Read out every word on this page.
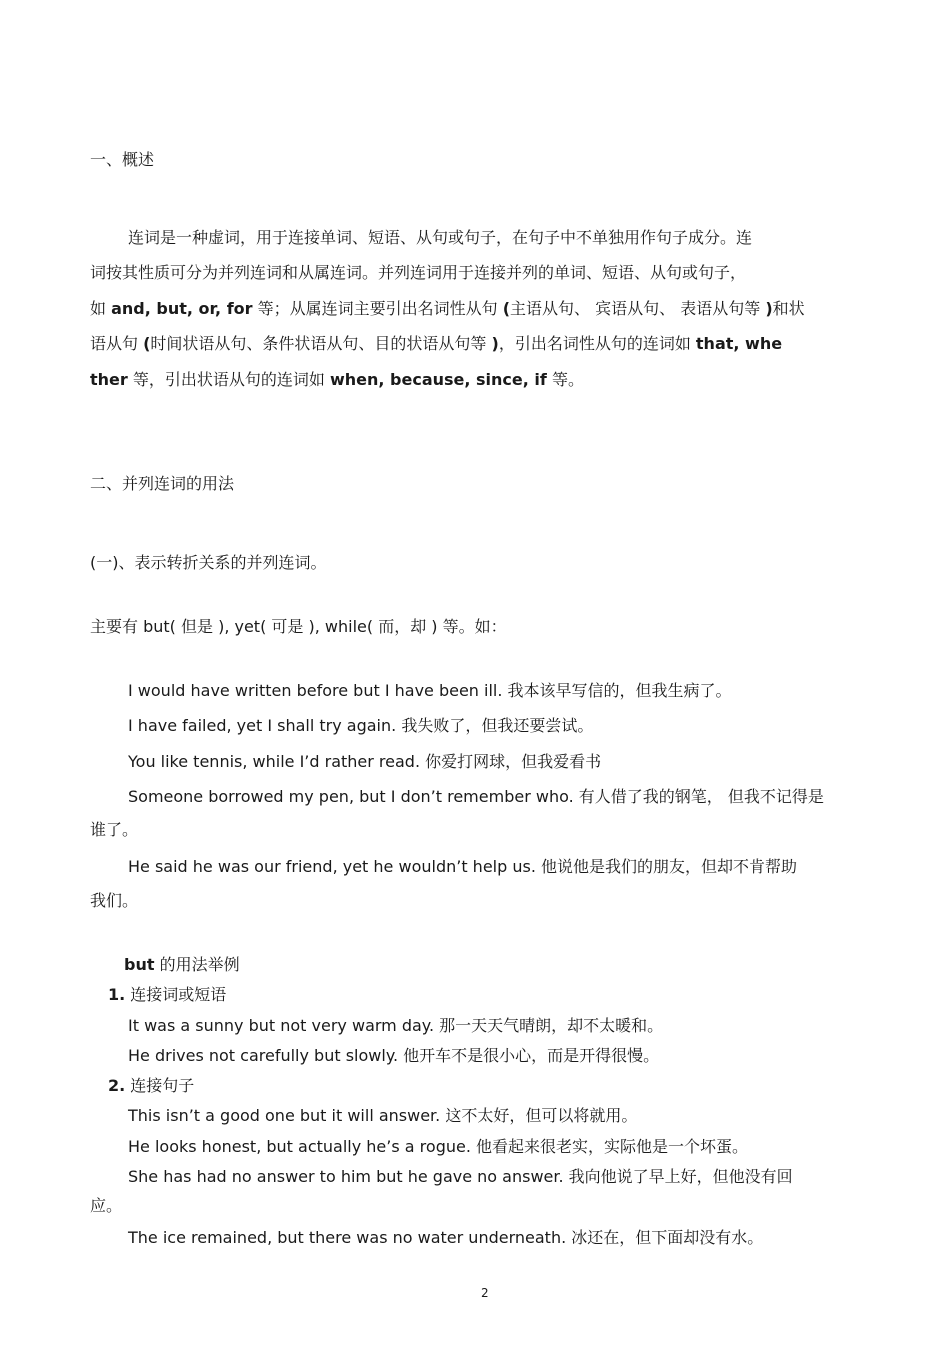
一、概述
连词是一种虚词，用于连接单词、短语、从句或句子，在句子中不单独用作句子成分。连
词按其性质可分为并列连词和从属连词。并列连词用于连接并列的单词、短语、从句或句子，
如 and, but, or, for 等；从属连词主要引出名词性从句 (主语从句、 宾语从句、 表语从句等 )和状
语从句 (时间状语从句、条件状语从句、目的状语从句等 )，引出名词性从句的连词如 that, whe
ther 等，引出状语从句的连词如 when, because, since, if 等。
二、并列连词的用法
(一)、表示转折关系的并列连词。
主要有 but( 但是 ), yet( 可是 ), while( 而，却 ) 等。如：
I would have written before but I have been ill. 我本该早写信的，但我生病了。
I have failed, yet I shall try again. 我失败了，但我还要尝试。
You like tennis, while I’d rather read. 你爱打网球，但我爱看书
Someone borrowed my pen, but I don’t remember who. 有人借了我的钢笔， 但我不记得是
谁了。
He said he was our friend, yet he wouldn’t help us. 他说他是我们的朋友，但却不肯帮助
我们。
but 的用法举例
1. 连接词或短语
It was a sunny but not very warm day. 那一天天气晴朗，却不太暖和。
He drives not carefully but slowly. 他开车不是很小心，而是开得很慢。
2. 连接句子
This isn’t a good one but it will answer. 这不太好，但可以将就用。
He looks honest, but actually he’s a rogue. 他看起来很老实，实际他是一个坏蛋。
She has had no answer to him but he gave no answer. 我向他说了早上好，但他没有回
应。
The ice remained, but there was no water underneath. 冰还在，但下面却没有水。
2
